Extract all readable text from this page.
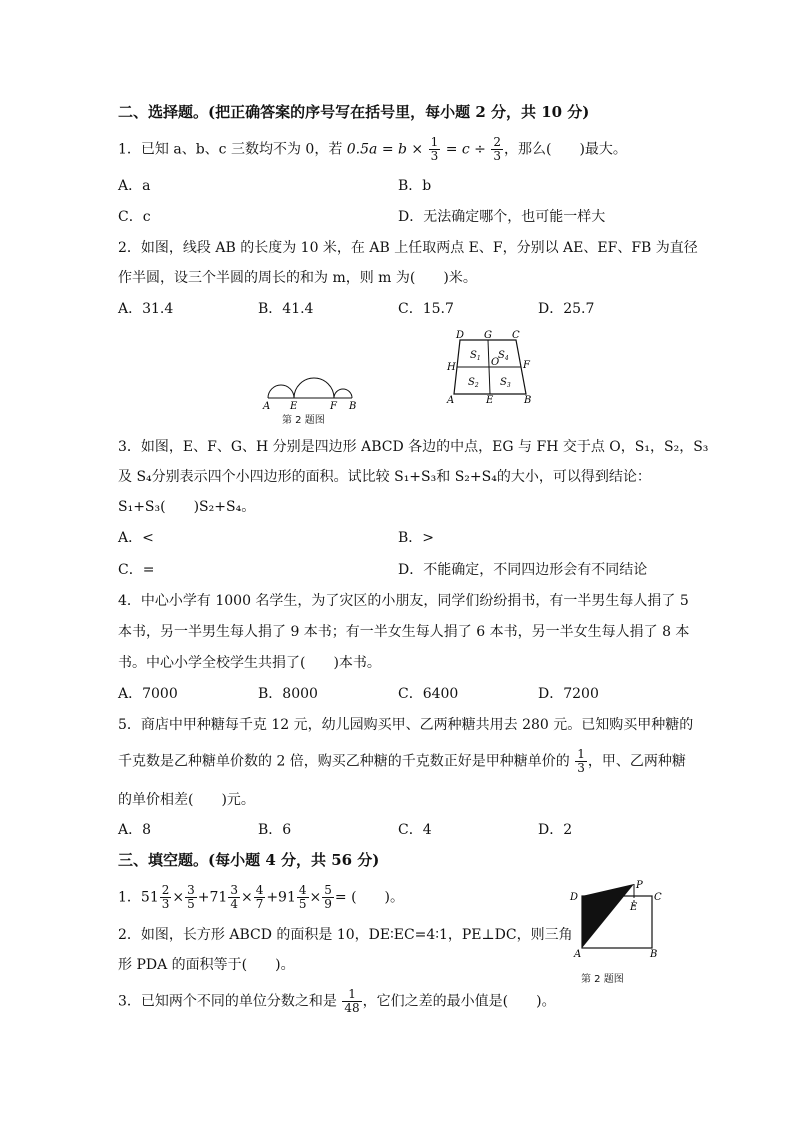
二、选择题。(把正确答案的序号写在括号里，每小题 2 分，共 10 分)
1．已知 a、b、c 三数均不为 0，若 $0.5a = b \times \frac{1}{3} = c \div \frac{2}{3}$ ，那么(　　)最大。
A．a	B．b
C．c	D．无法确定哪个，也可能一样大
2．如图，线段 AB 的长度为 10 米，在 AB 上任取两点 E、F，分别以 AE、EF、FB 为直径
作半圆，设三个半圆的周长的和为 m，则 m 为(　　)米。
A．31.4	B．41.4	C．15.7	D．25.7
A E	F B
第 2 题图
D G C
H	F
O
A	E	B
$S_1$ $S_4$
$S_2$ $S_3$
3．如图，E、F、G、H 分别是四边形 ABCD 各边的中点，EG 与 FH 交于点 O，S₁，S₂，S₃
及 S₄分别表示四个小四边形的面积。试比较 S₁+S₃和 S₂+S₄的大小，可以得到结论：
S₁+S₃(　　)S₂+S₄。
A．<	B．>
C．=	D．不能确定，不同四边形会有不同结论
4．中心小学有 1000 名学生，为了灾区的小朋友，同学们纷纷捐书，有一半男生每人捐了 5
本书，另一半男生每人捐了 9 本书；有一半女生每人捐了 6 本书，另一半女生每人捐了 8 本
书。中心小学全校学生共捐了(　　)本书。
A．7000	B．8000	C．6400	D．7200
5．商店中甲种糖每千克 12 元，幼儿园购买甲、乙两种糖共用去 280 元。已知购买甲种糖的
千克数是乙种糖单价数的 2 倍，购买乙种糖的千克数正好是甲种糖单价的 $\frac{1}{3}$ ，甲、乙两种糖
的单价相差(　　)元。
A．8	B．6	C．4	D．2
三、填空题。(每小题 4 分，共 56 分)
1．$51 \frac{2}{3} \times \frac{3}{5} +71 \frac{3}{4} \times \frac{4}{7} +91 \frac{4}{5} \times \frac{5}{9}$ = (　　)。
2．如图，长方形 ABCD 的面积是 10，DE∶EC=4∶1，PE⊥DC，则三角
形 PDA 的面积等于(　　)。
P
D
E
C
A	B
第 2 题图
3．已知两个不同的单位分数之和是 $\frac{1}{48}$ ，它们之差的最小值是(　　)。
